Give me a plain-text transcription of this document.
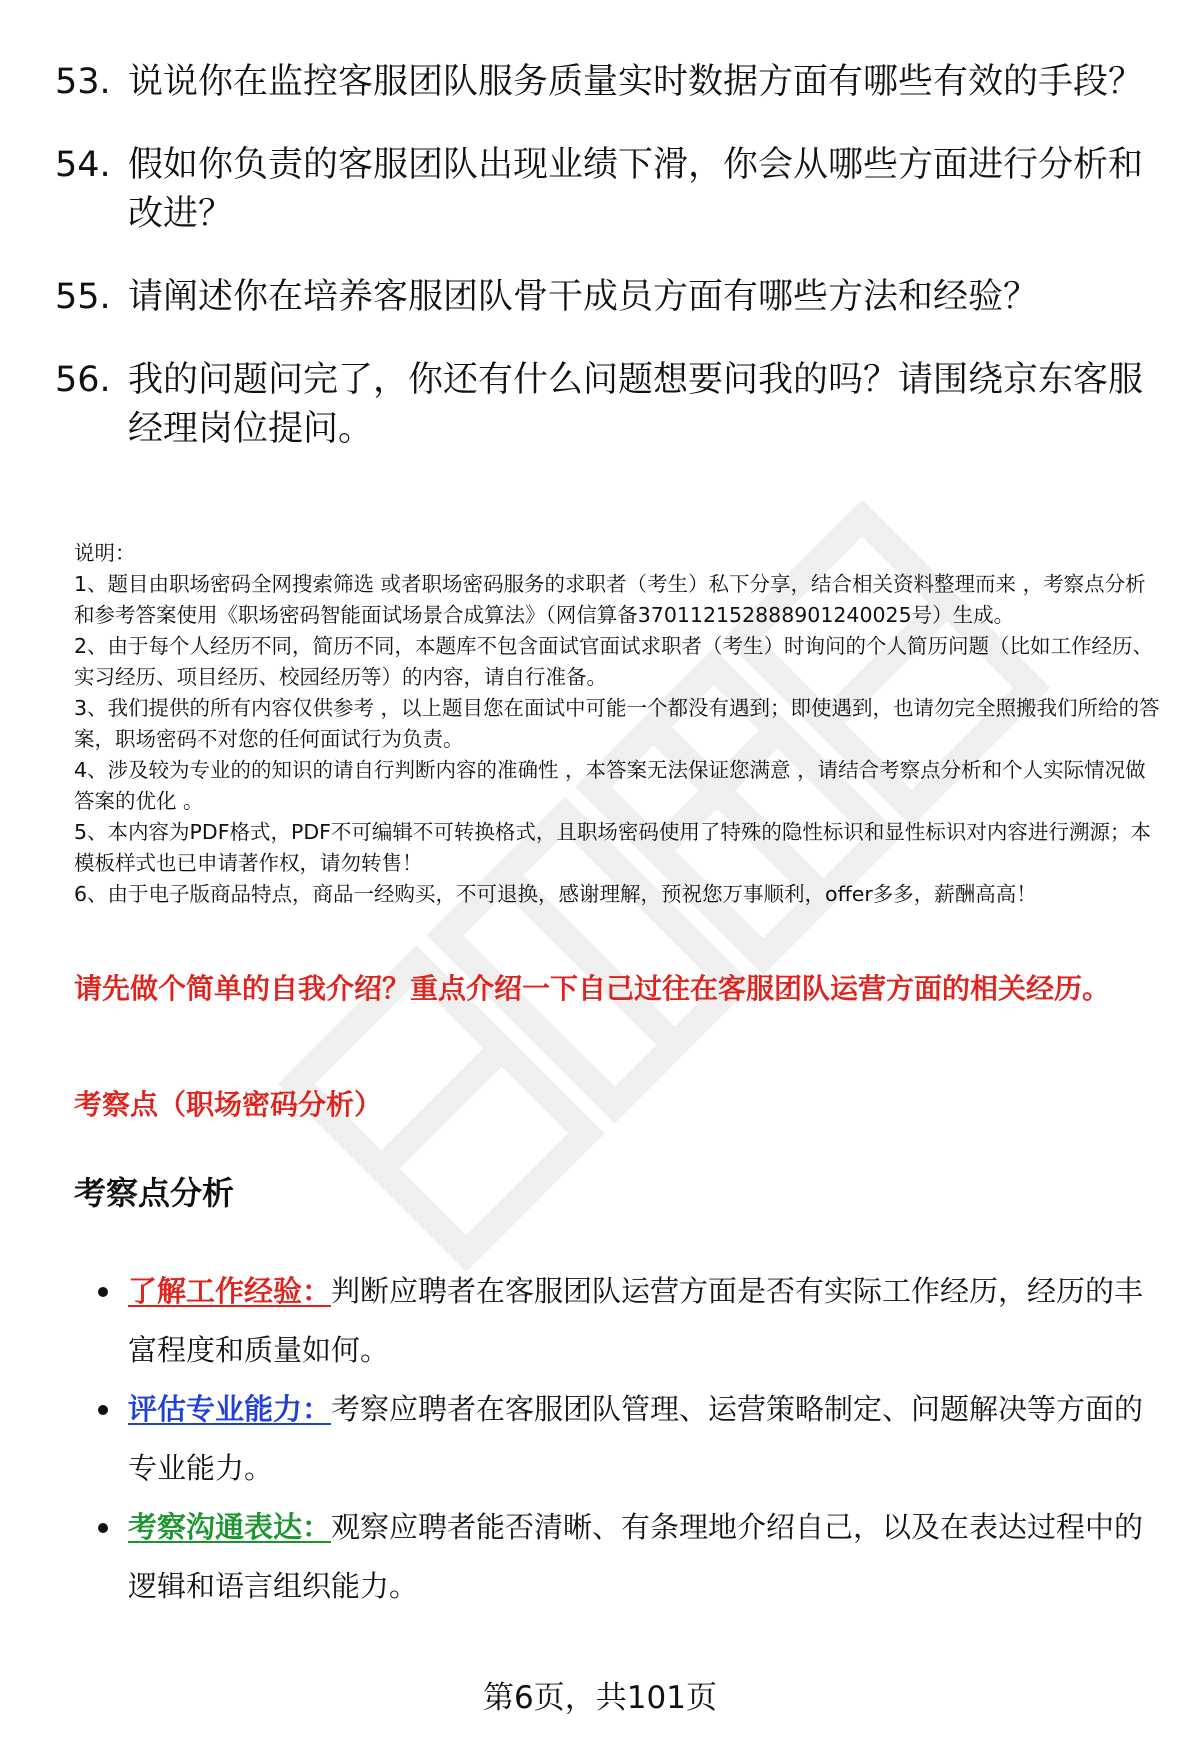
53. 说说你在监控客服团队服务质量实时数据方面有哪些有效的手段？
54. 假如你负责的客服团队出现业绩下滑，你会从哪些方面进行分析和改进？
55. 请阐述你在培养客服团队骨干成员方面有哪些方法和经验？
56. 我的问题问完了，你还有什么问题想要问我的吗？请围绕京东客服经理岗位提问。

说明：

1、题目由职场密码全网搜索筛选 或者职场密码服务的求职者（考生）私下分享，结合相关资料整理而来 ，考察点分析和参考答案使用《职场密码智能面试场景合成算法》（网信算备370112152888901240025号）生成。

2、由于每个人经历不同，简历不同，本题库不包含面试官面试求职者（考生）时询问的个人简历问题（比如工作经历、实习经历、项目经历、校园经历等）的内容，请自行准备。

3、我们提供的所有内容仅供参考 ，以上题目您在面试中可能一个都没有遇到；即使遇到，也请勿完全照搬我们所给的答案，职场密码不对您的任何面试行为负责。

4、涉及较为专业的的知识的请自行判断内容的准确性 ，本答案无法保证您满意 ，请结合考察点分析和个人实际情况做答案的优化 。

5、本内容为PDF格式，PDF不可编辑不可转换格式，且职场密码使用了特殊的隐性标识和显性标识对内容进行溯源；本模板样式也已申请著作权，请勿转售！

6、由于电子版商品特点，商品一经购买，不可退换，感谢理解，预祝您万事顺利，offer多多，薪酬高高！

请先做个简单的自我介绍？重点介绍一下自己过往在客服团队运营方面的相关经历。
考察点（职场密码分析）
考察点分析
了解工作经验：判断应聘者在客服团队运营方面是否有实际工作经历，经历的丰富程度和质量如何。
评估专业能力：考察应聘者在客服团队管理、运营策略制定、问题解决等方面的专业能力。
考察沟通表达：观察应聘者能否清晰、有条理地介绍自己，以及在表达过程中的逻辑和语言组织能力。
第6页，共101页
